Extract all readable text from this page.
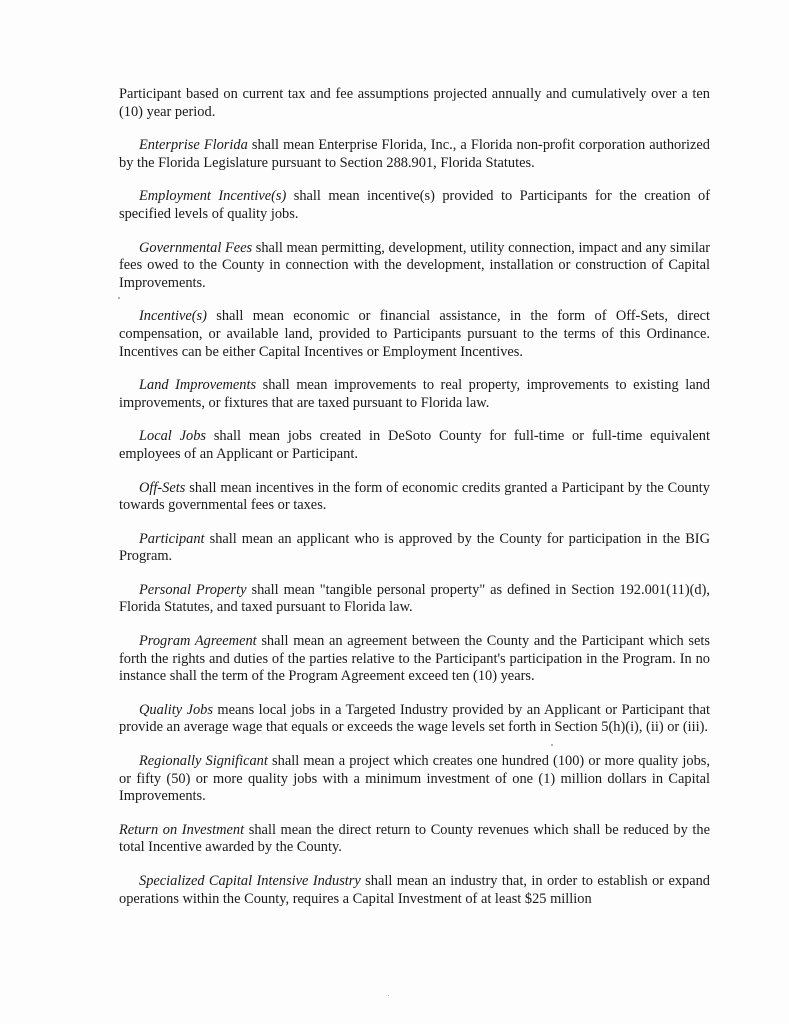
Participant based on current tax and fee assumptions projected annually and cumulatively over a ten (10) year period.

Enterprise Florida shall mean Enterprise Florida, Inc., a Florida non-profit corporation authorized by the Florida Legislature pursuant to Section 288.901, Florida Statutes.

Employment Incentive(s) shall mean incentive(s) provided to Participants for the creation of specified levels of quality jobs.

Governmental Fees shall mean permitting, development, utility connection, impact and any similar fees owed to the County in connection with the development, installation or construction of Capital Improvements.

Incentive(s) shall mean economic or financial assistance, in the form of Off-Sets, direct compensation, or available land, provided to Participants pursuant to the terms of this Ordinance. Incentives can be either Capital Incentives or Employment Incentives.

Land Improvements shall mean improvements to real property, improvements to existing land improvements, or fixtures that are taxed pursuant to Florida law.

Local Jobs shall mean jobs created in DeSoto County for full-time or full-time equivalent employees of an Applicant or Participant.

Off-Sets shall mean incentives in the form of economic credits granted a Participant by the County towards governmental fees or taxes.

Participant shall mean an applicant who is approved by the County for participation in the BIG Program.

Personal Property shall mean "tangible personal property" as defined in Section 192.001(11)(d), Florida Statutes, and taxed pursuant to Florida law.

Program Agreement shall mean an agreement between the County and the Participant which sets forth the rights and duties of the parties relative to the Participant's participation in the Program. In no instance shall the term of the Program Agreement exceed ten (10) years.

Quality Jobs means local jobs in a Targeted Industry provided by an Applicant or Participant that provide an average wage that equals or exceeds the wage levels set forth in Section 5(h)(i), (ii) or (iii).

Regionally Significant shall mean a project which creates one hundred (100) or more quality jobs, or fifty (50) or more quality jobs with a minimum investment of one (1) million dollars in Capital Improvements.

Return on Investment shall mean the direct return to County revenues which shall be reduced by the total Incentive awarded by the County.

Specialized Capital Intensive Industry shall mean an industry that, in order to establish or expand operations within the County, requires a Capital Investment of at least $25 million
